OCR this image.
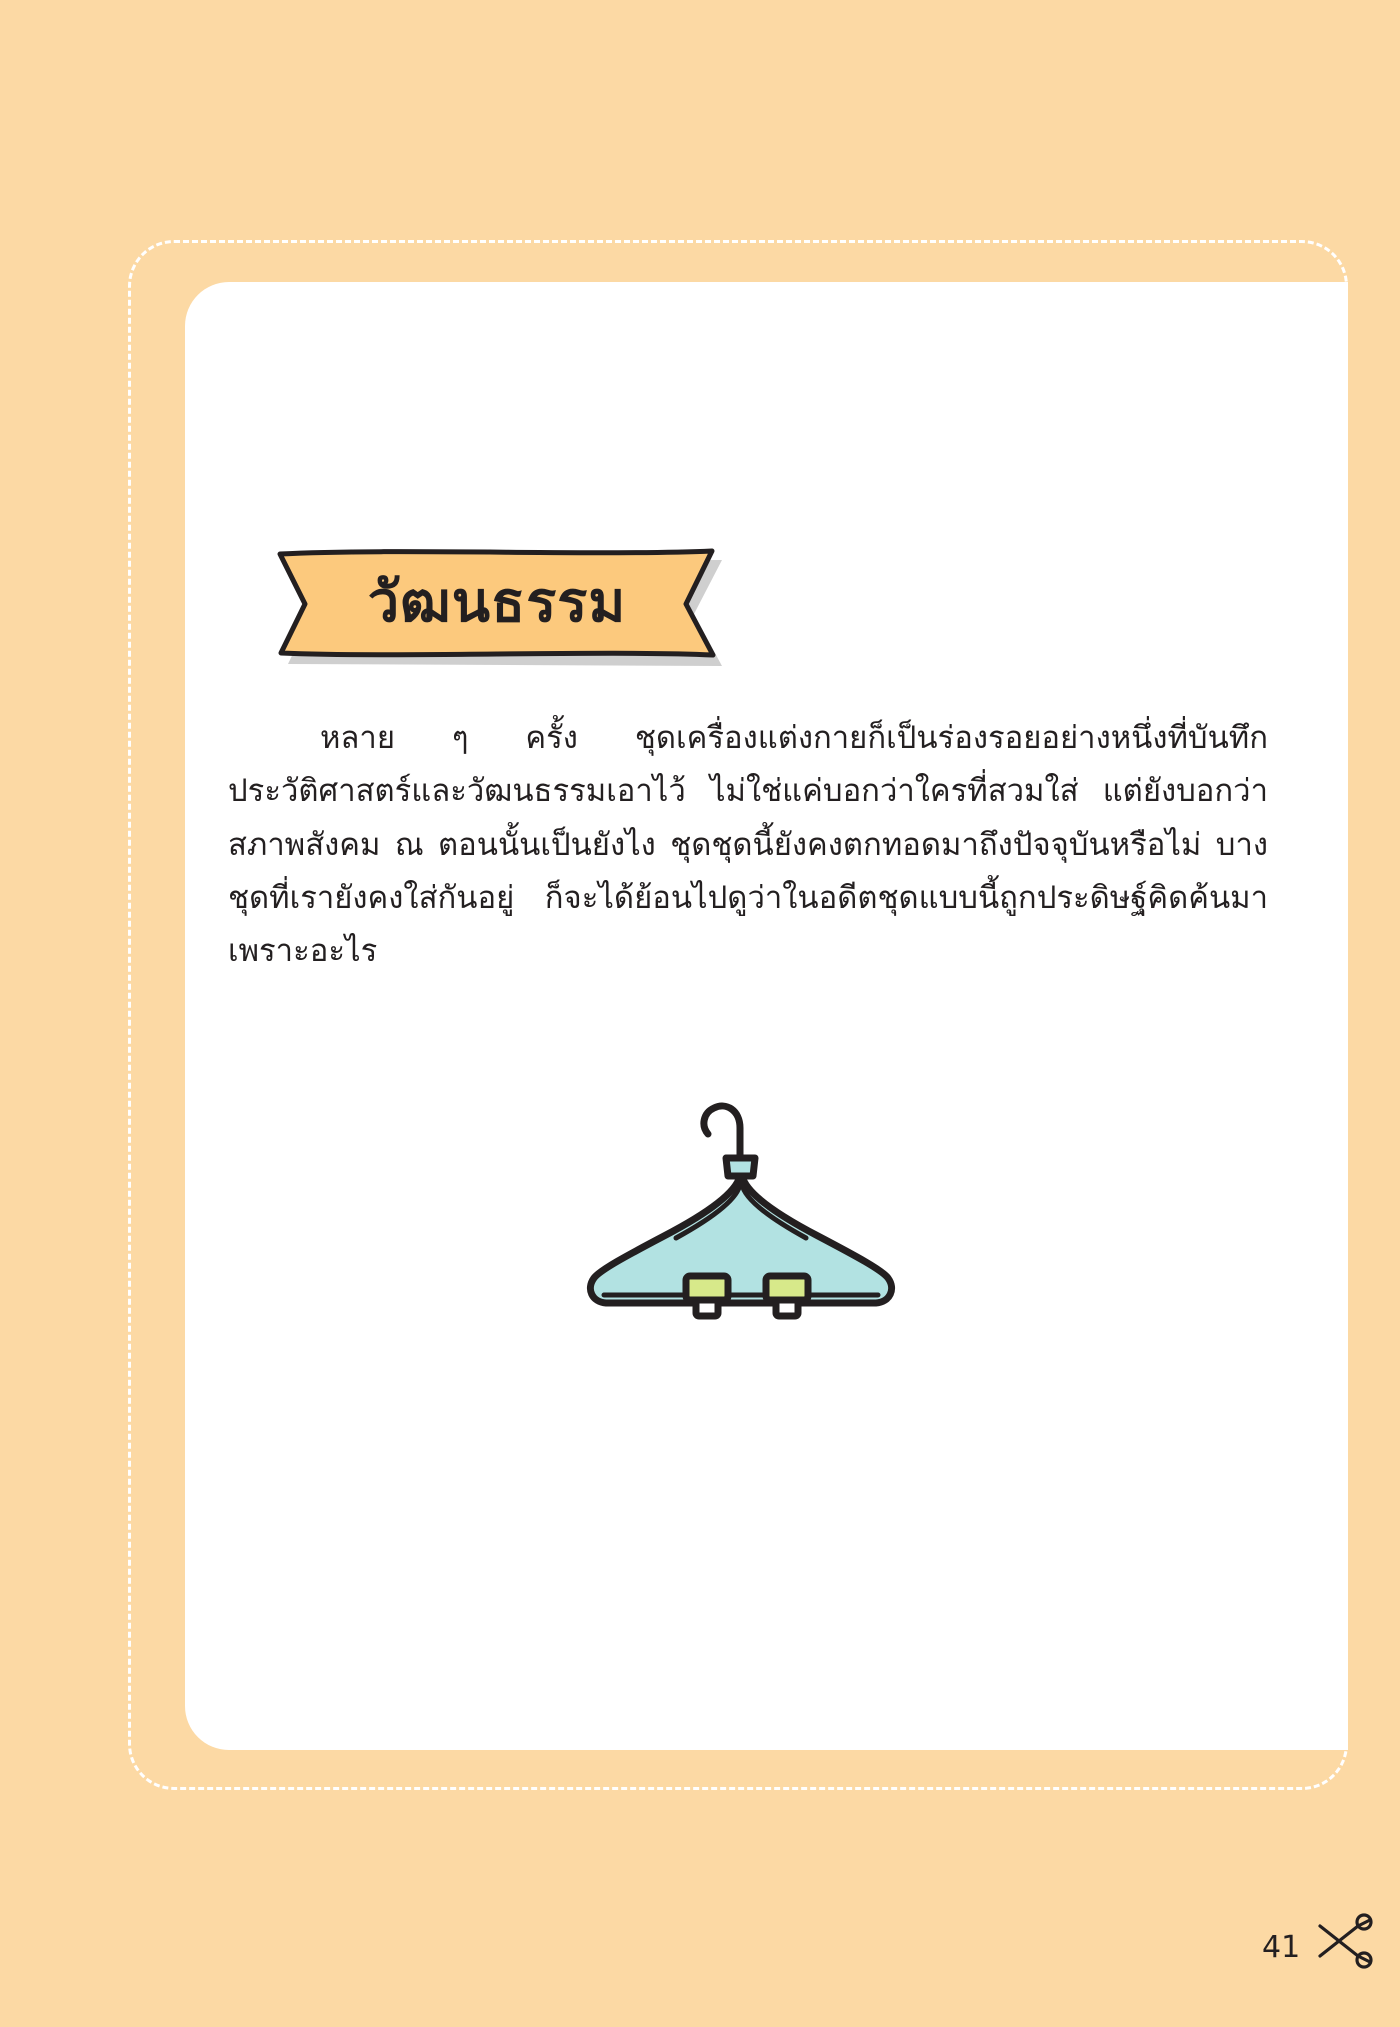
วัฒนธรรม
หลาย ๆ ครั้ง ชุดเครื่องแต่งกายก็เป็นร่องรอยอย่างหนึ่งที่บันทึกประวัติศาสตร์และวัฒนธรรมเอาไว้ ไม่ใช่แค่บอกว่าใครที่สวมใส่ แต่ยังบอกว่าสภาพสังคม ณ ตอนนั้นเป็นยังไง ชุดชุดนี้ยังคงตกทอดมาถึงปัจจุบันหรือไม่ บางชุดที่เรายังคงใส่กันอยู่ ก็จะได้ย้อนไปดูว่าในอดีตชุดแบบนี้ถูกประดิษฐ์คิดค้นมาเพราะอะไร
41
